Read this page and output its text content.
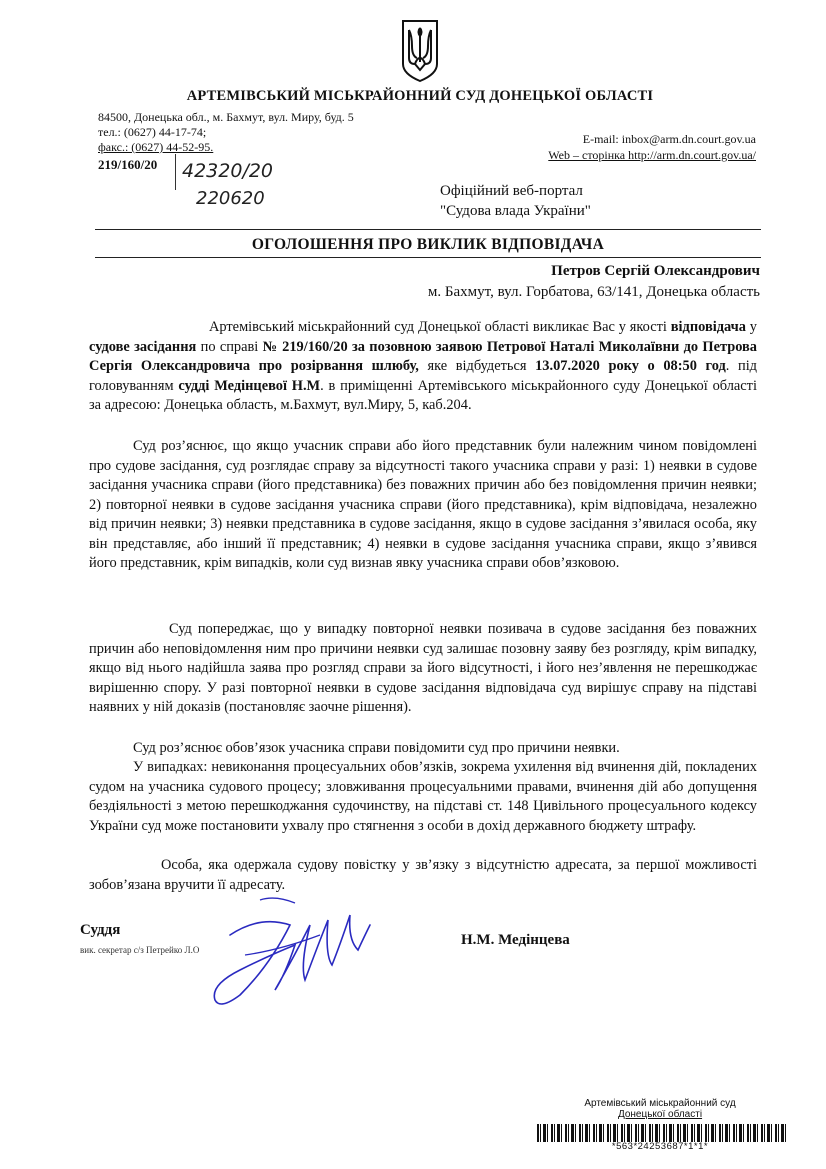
АРТЕМІВСЬКИЙ МІСЬКРАЙОННИЙ СУД ДОНЕЦЬКОЇ ОБЛАСТІ
84500, Донецька обл., м. Бахмут, вул. Миру, буд. 5
тел.: (0627) 44-17-74;
факс.: (0627) 44-52-95.
E-mail: inbox@arm.dn.court.gov.ua
Web – сторінка http://arm.dn.court.gov.ua/
219/160/20 42320/20
220620	Офіційний веб-портал
"Судова влада України"
ОГОЛОШЕННЯ ПРО ВИКЛИК ВІДПОВІДАЧА
Петров Сергій Олександрович
м. Бахмут, вул. Горбатова, 63/141, Донецька область
Артемівський міськрайонний суд Донецької області викликає Вас у якості відповідача у судове засідання по справі № 219/160/20 за позовною заявою Петрової Наталі Миколаївни до Петрова Сергія Олександровича про розірвання шлюбу, яке відбудеться 13.07.2020 року о 08:50 год. під головуванням судді Медінцевої Н.М. в приміщенні Артемівського міськрайонного суду Донецької області за адресою: Донецька область, м.Бахмут, вул.Миру, 5, каб.204.
Суд роз’яснює, що якщо учасник справи або його представник були належним чином повідомлені про судове засідання, суд розглядає справу за відсутності такого учасника справи у разі: 1) неявки в судове засідання учасника справи (його представника) без поважних причин або без повідомлення причин неявки; 2) повторної неявки в судове засідання учасника справи (його представника), крім відповідача, незалежно від причин неявки; 3) неявки представника в судове засідання, якщо в судове засідання з’явилася особа, яку він представляє, або інший її представник; 4) неявки в судове засідання учасника справи, якщо з’явився його представник, крім випадків, коли суд визнав явку учасника справи обов’язковою.
Суд попереджає, що у випадку повторної неявки позивача в судове засідання без поважних причин або неповідомлення ним про причини неявки суд залишає позовну заяву без розгляду, крім випадку, якщо від нього надійшла заява про розгляд справи за його відсутності, і його нез’явлення не перешкоджає вирішенню спору. У разі повторної неявки в судове засідання відповідача суд вирішує справу на підставі наявних у ній доказів (постановляє заочне рішення).
Суд роз’яснює обов’язок учасника справи повідомити суд про причини неявки.
У випадках: невиконання процесуальних обов’язків, зокрема ухилення від вчинення дій, покладених судом на учасника судового процесу; зловживання процесуальними правами, вчинення дій або допущення бездіяльності з метою перешкоджання судочинству, на підставі ст. 148 Цивільного процесуального кодексу України суд може постановити ухвалу про стягнення з особи в дохід державного бюджету штрафу.
Особа, яка одержала судову повістку у зв’язку з відсутністю адресата, за першої можливості зобов’язана вручити її адресату.
Суддя
вик. секретар с/з Петрейко Л.О
Н.М. Медінцева
Артемівський міськрайонний суд
Донецької області
*563*24253687*1*1*
